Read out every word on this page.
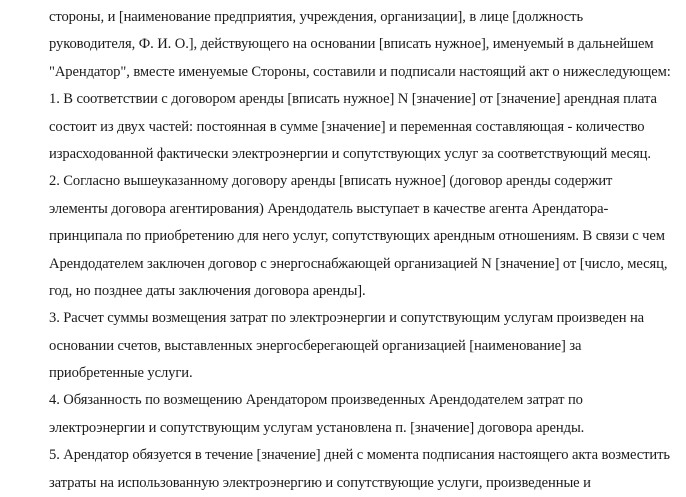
стороны, и [наименование предприятия, учреждения, организации], в лице [должность
руководителя, Ф. И. О.], действующего на основании [вписать нужное], именуемый в дальнейшем
"Арендатор", вместе именуемые Стороны, составили и подписали настоящий акт о нижеследующем:
1. В соответствии с договором аренды [вписать нужное] N [значение] от [значение] арендная плата
состоит из двух частей: постоянная в сумме [значение] и переменная составляющая - количество
израсходованной фактически электроэнергии и сопутствующих услуг за соответствующий месяц.
2. Согласно вышеуказанному договору аренды [вписать нужное] (договор аренды содержит
элементы договора агентирования) Арендодатель выступает в качестве агента Арендатора-
принципала по приобретению для него услуг, сопутствующих арендным отношениям. В связи с чем
Арендодателем заключен договор с энергоснабжающей организацией N [значение] от [число, месяц,
год, но позднее даты заключения договора аренды].
3. Расчет суммы возмещения затрат по электроэнергии и сопутствующим услугам произведен на
основании счетов, выставленных энергосберегающей организацией [наименование] за
приобретенные услуги.
4. Обязанность по возмещению Арендатором произведенных Арендодателем затрат по
электроэнергии и сопутствующим услугам установлена п. [значение] договора аренды.
5. Арендатор обязуется в течение [значение] дней с момента подписания настоящего акта возместить
затраты на использованную электроэнергию и сопутствующие услуги, произведенные и
